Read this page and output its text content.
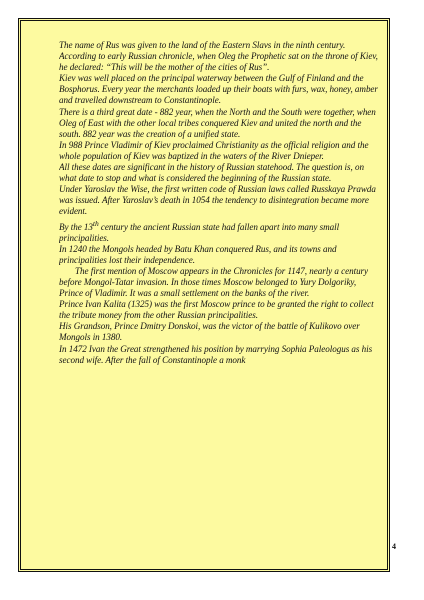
The name of Rus was given to the land of the Eastern Slavs in the ninth century. According to early Russian chronicle, when Oleg the Prophetic sat on the throne of Kiev, he declared: “This will be the mother of the cities of Rus”.

Kiev was well placed on the principal waterway between the Gulf of Finland and the Bosphorus. Every year the merchants loaded up their boats with furs, wax, honey, amber and travelled downstream to Constantinople.

There is a third great date - 882 year, when the North and the South were together, when Oleg of East with the other local tribes conquered Kiev and united the north and the south. 882 year was the creation of a unified state.

In 988 Prince Vladimir of Kiev proclaimed Christianity as the official religion and the whole population of Kiev was baptized in the waters of the River Dnieper.

All these dates are significant in the history of Russian statehood. The question is, on what date to stop and what is considered the beginning of the Russian state.

Under Yaroslav the Wise, the first written code of Russian laws called Russkaya Prawda was issued. After Yaroslav’s death in 1054 the tendency to disintegration became more evident.

By the 13th century the ancient Russian state had fallen apart into many small principalities.

In 1240 the Mongols headed by Batu Khan conquered Rus, and its towns and principalities lost their independence.

The first mention of Moscow appears in the Chronicles for 1147, nearly a century before Mongol-Tatar invasion. In those times Moscow belonged to Yury Dolgoriky, Prince of Vladimir. It was a small settlement on the banks of the river.

Prince Ivan Kalita (1325) was the first Moscow prince to be granted the right to collect the tribute money from the other Russian principalities.

His Grandson, Prince Dmitry Donskoi, was the victor of the battle of Kulikovo over Mongols in 1380.

In 1472 Ivan the Great strengthened his position by marrying Sophia Paleologus as his second wife. After the fall of Constantinople a monk

4
